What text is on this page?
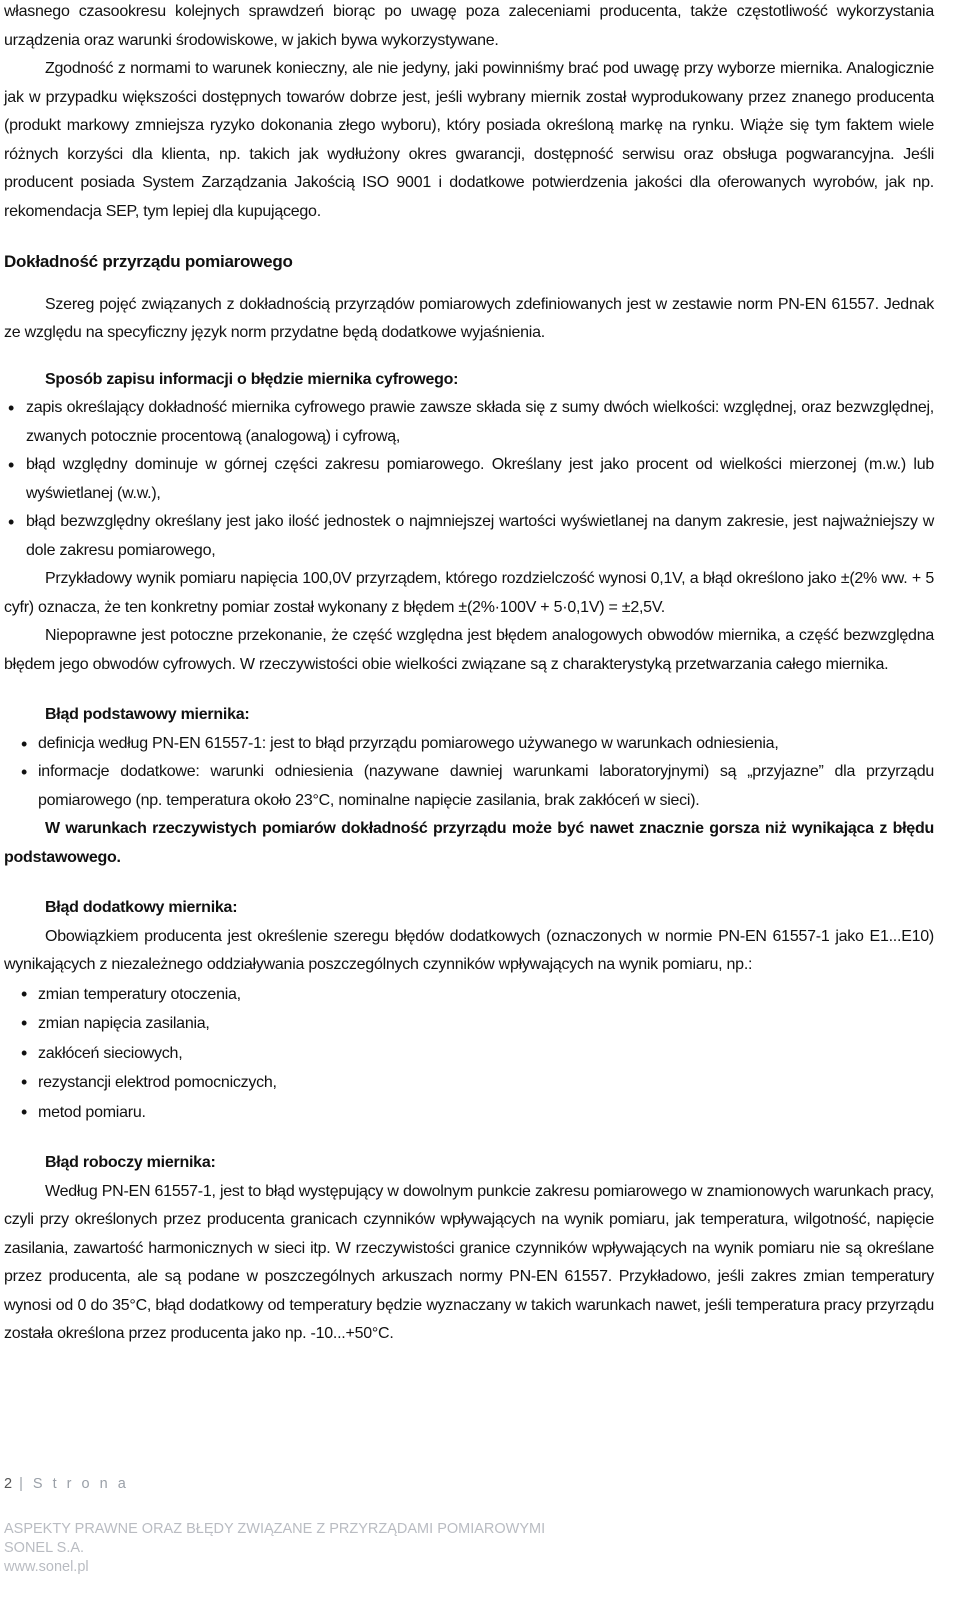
własnego czasookresu kolejnych sprawdzeń biorąc po uwagę poza zaleceniami producenta, także częstotliwość wykorzystania urządzenia oraz warunki środowiskowe, w jakich bywa wykorzystywane.

Zgodność z normami to warunek konieczny, ale nie jedyny, jaki powinniśmy brać pod uwagę przy wyborze miernika. Analogicznie jak w przypadku większości dostępnych towarów dobrze jest, jeśli wybrany miernik został wyprodukowany przez znanego producenta (produkt markowy zmniejsza ryzyko dokonania złego wyboru), który posiada określoną markę na rynku. Wiąże się tym faktem wiele różnych korzyści dla klienta, np. takich jak wydłużony okres gwarancji, dostępność serwisu oraz obsługa pogwarancyjna. Jeśli producent posiada System Zarządzania Jakością ISO 9001 i dodatkowe potwierdzenia jakości dla oferowanych wyrobów, jak np. rekomendacja SEP, tym lepiej dla kupującego.

Dokładność przyrządu pomiarowego

Szereg pojęć związanych z dokładnością przyrządów pomiarowych zdefiniowanych jest w zestawie norm PN-EN 61557. Jednak ze względu na specyficzny język norm przydatne będą dodatkowe wyjaśnienia.

Sposób zapisu informacji o błędzie miernika cyfrowego:

• zapis określający dokładność miernika cyfrowego prawie zawsze składa się z sumy dwóch wielkości: względnej, oraz bezwzględnej, zwanych potocznie procentową (analogową) i cyfrową,
• błąd względny dominuje w górnej części zakresu pomiarowego. Określany jest jako procent od wielkości mierzonej (m.w.) lub wyświetlanej (w.w.),
• błąd bezwzględny określany jest jako ilość jednostek o najmniejszej wartości wyświetlanej na danym zakresie, jest najważniejszy w dole zakresu pomiarowego,

Przykładowy wynik pomiaru napięcia 100,0V przyrządem, którego rozdzielczość wynosi 0,1V, a błąd określono jako ±(2% ww. + 5 cyfr) oznacza, że ten konkretny pomiar został wykonany z błędem ±(2%·100V + 5·0,1V) = ±2,5V.

Niepoprawne jest potoczne przekonanie, że część względna jest błędem analogowych obwodów miernika, a część bezwzględna błędem jego obwodów cyfrowych. W rzeczywistości obie wielkości związane są z charakterystyką przetwarzania całego miernika.

Błąd podstawowy miernika:

• definicja według PN-EN 61557-1: jest to błąd przyrządu pomiarowego używanego w warunkach odniesienia,
• informacje dodatkowe: warunki odniesienia (nazywane dawniej warunkami laboratoryjnymi) są „przyjazne” dla przyrządu pomiarowego (np. temperatura około 23°C, nominalne napięcie zasilania, brak zakłóceń w sieci).

W warunkach rzeczywistych pomiarów dokładność przyrządu może być nawet znacznie gorsza niż wynikająca z błędu podstawowego.

Błąd dodatkowy miernika:

Obowiązkiem producenta jest określenie szeregu błędów dodatkowych (oznaczonych w normie PN-EN 61557-1 jako E1...E10) wynikających z niezależnego oddziaływania poszczególnych czynników wpływających na wynik pomiaru, np.:

• zmian temperatury otoczenia,
• zmian napięcia zasilania,
• zakłóceń sieciowych,
• rezystancji elektrod pomocniczych,
• metod pomiaru.

Błąd roboczy miernika:

Według PN-EN 61557-1, jest to błąd występujący w dowolnym punkcie zakresu pomiarowego w znamionowych warunkach pracy, czyli przy określonych przez producenta granicach czynników wpływających na wynik pomiaru, jak temperatura, wilgotność, napięcie zasilania, zawartość harmonicznych w sieci itp. W rzeczywistości granice czynników wpływających na wynik pomiaru nie są określane przez producenta, ale są podane w poszczególnych arkuszach normy PN-EN 61557. Przykładowo, jeśli zakres zmian temperatury wynosi od 0 do 35°C, błąd dodatkowy od temperatury będzie wyznaczany w takich warunkach nawet, jeśli temperatura pracy przyrządu została określona przez producenta jako np. -10...+50°C.

2 | S t r o n a
ASPEKTY PRAWNE ORAZ BŁĘDY ZWIĄZANE Z PRZYRZĄDAMI POMIAROWYMI
SONEL S.A.
www.sonel.pl
